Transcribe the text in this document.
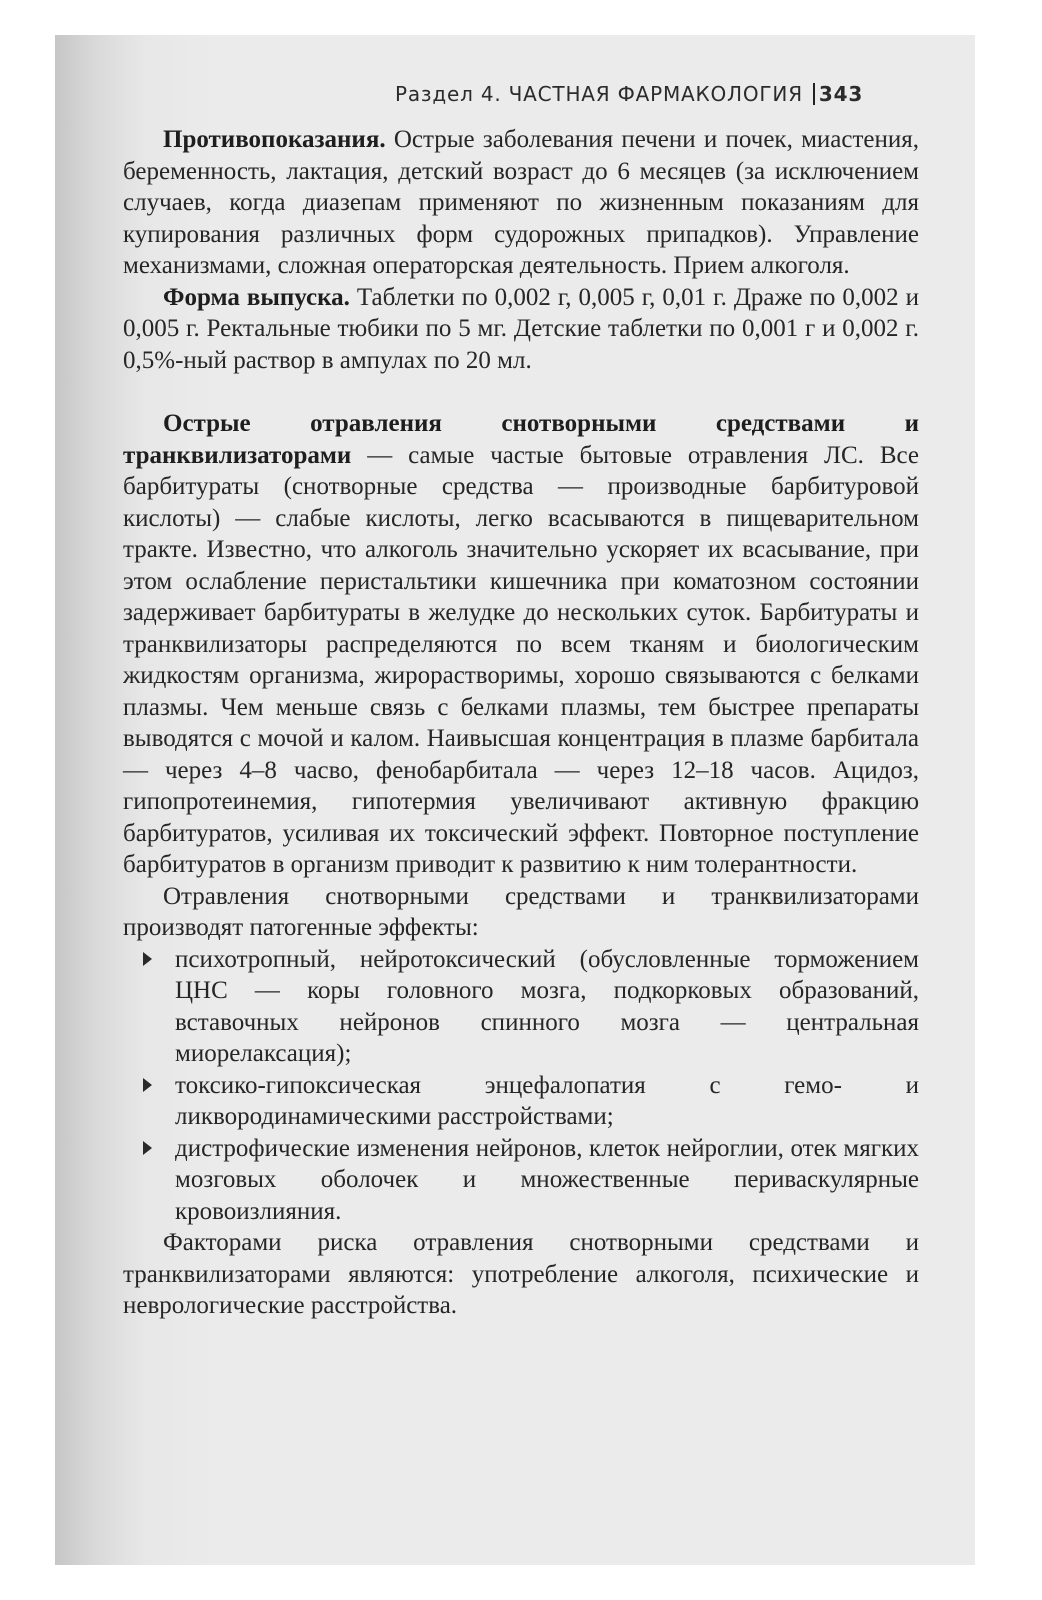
Раздел 4. ЧАСТНАЯ ФАРМАКОЛОГИЯ 343

Противопоказания. Острые заболевания печени и почек, миастения, беременность, лактация, детский возраст до 6 месяцев (за исключением случаев, когда диазепам применяют по жизненным показаниям для купирования различных форм судорожных припадков). Управление механизмами, сложная операторская деятельность. Прием алкоголя.

Форма выпуска. Таблетки по 0,002 г, 0,005 г, 0,01 г. Драже по 0,002 и 0,005 г. Ректальные тюбики по 5 мг. Детские таблетки по 0,001 г и 0,002 г. 0,5%-ный раствор в ампулах по 20 мл.

Острые отравления снотворными средствами и транквилизаторами — самые частые бытовые отравления ЛС. Все барбитураты (снотворные средства — производные барбитуровой кислоты) — слабые кислоты, легко всасываются в пищеварительном тракте. Известно, что алкоголь значительно ускоряет их всасывание, при этом ослабление перистальтики кишечника при коматозном состоянии задерживает барбитураты в желудке до нескольких суток. Барбитураты и транквилизаторы распределяются по всем тканям и биологическим жидкостям организма, жирорастворимы, хорошо связываются с белками плазмы. Чем меньше связь с белками плазмы, тем быстрее препараты выводятся с мочой и калом. Наивысшая концентрация в плазме барбитала — через 4–8 часво, фенобарбитала — через 12–18 часов. Ацидоз, гипопротеинемия, гипотермия увеличивают активную фракцию барбитуратов, усиливая их токсический эффект. Повторное поступление барбитуратов в организм приводит к развитию к ним толерантности.

Отравления снотворными средствами и транквилизаторами производят патогенные эффекты:

психотропный, нейротоксический (обусловленные торможением ЦНС — коры головного мозга, подкорковых образований, вставочных нейронов спинного мозга — центральная миорелаксация);
токсико-гипоксическая энцефалопатия с гемо- и ликвородинамическими расстройствами;
дистрофические изменения нейронов, клеток нейроглии, отек мягких мозговых оболочек и множественные периваскулярные кровоизлияния.

Факторами риска отравления снотворными средствами и транквилизаторами являются: употребление алкоголя, психические и неврологические расстройства.
